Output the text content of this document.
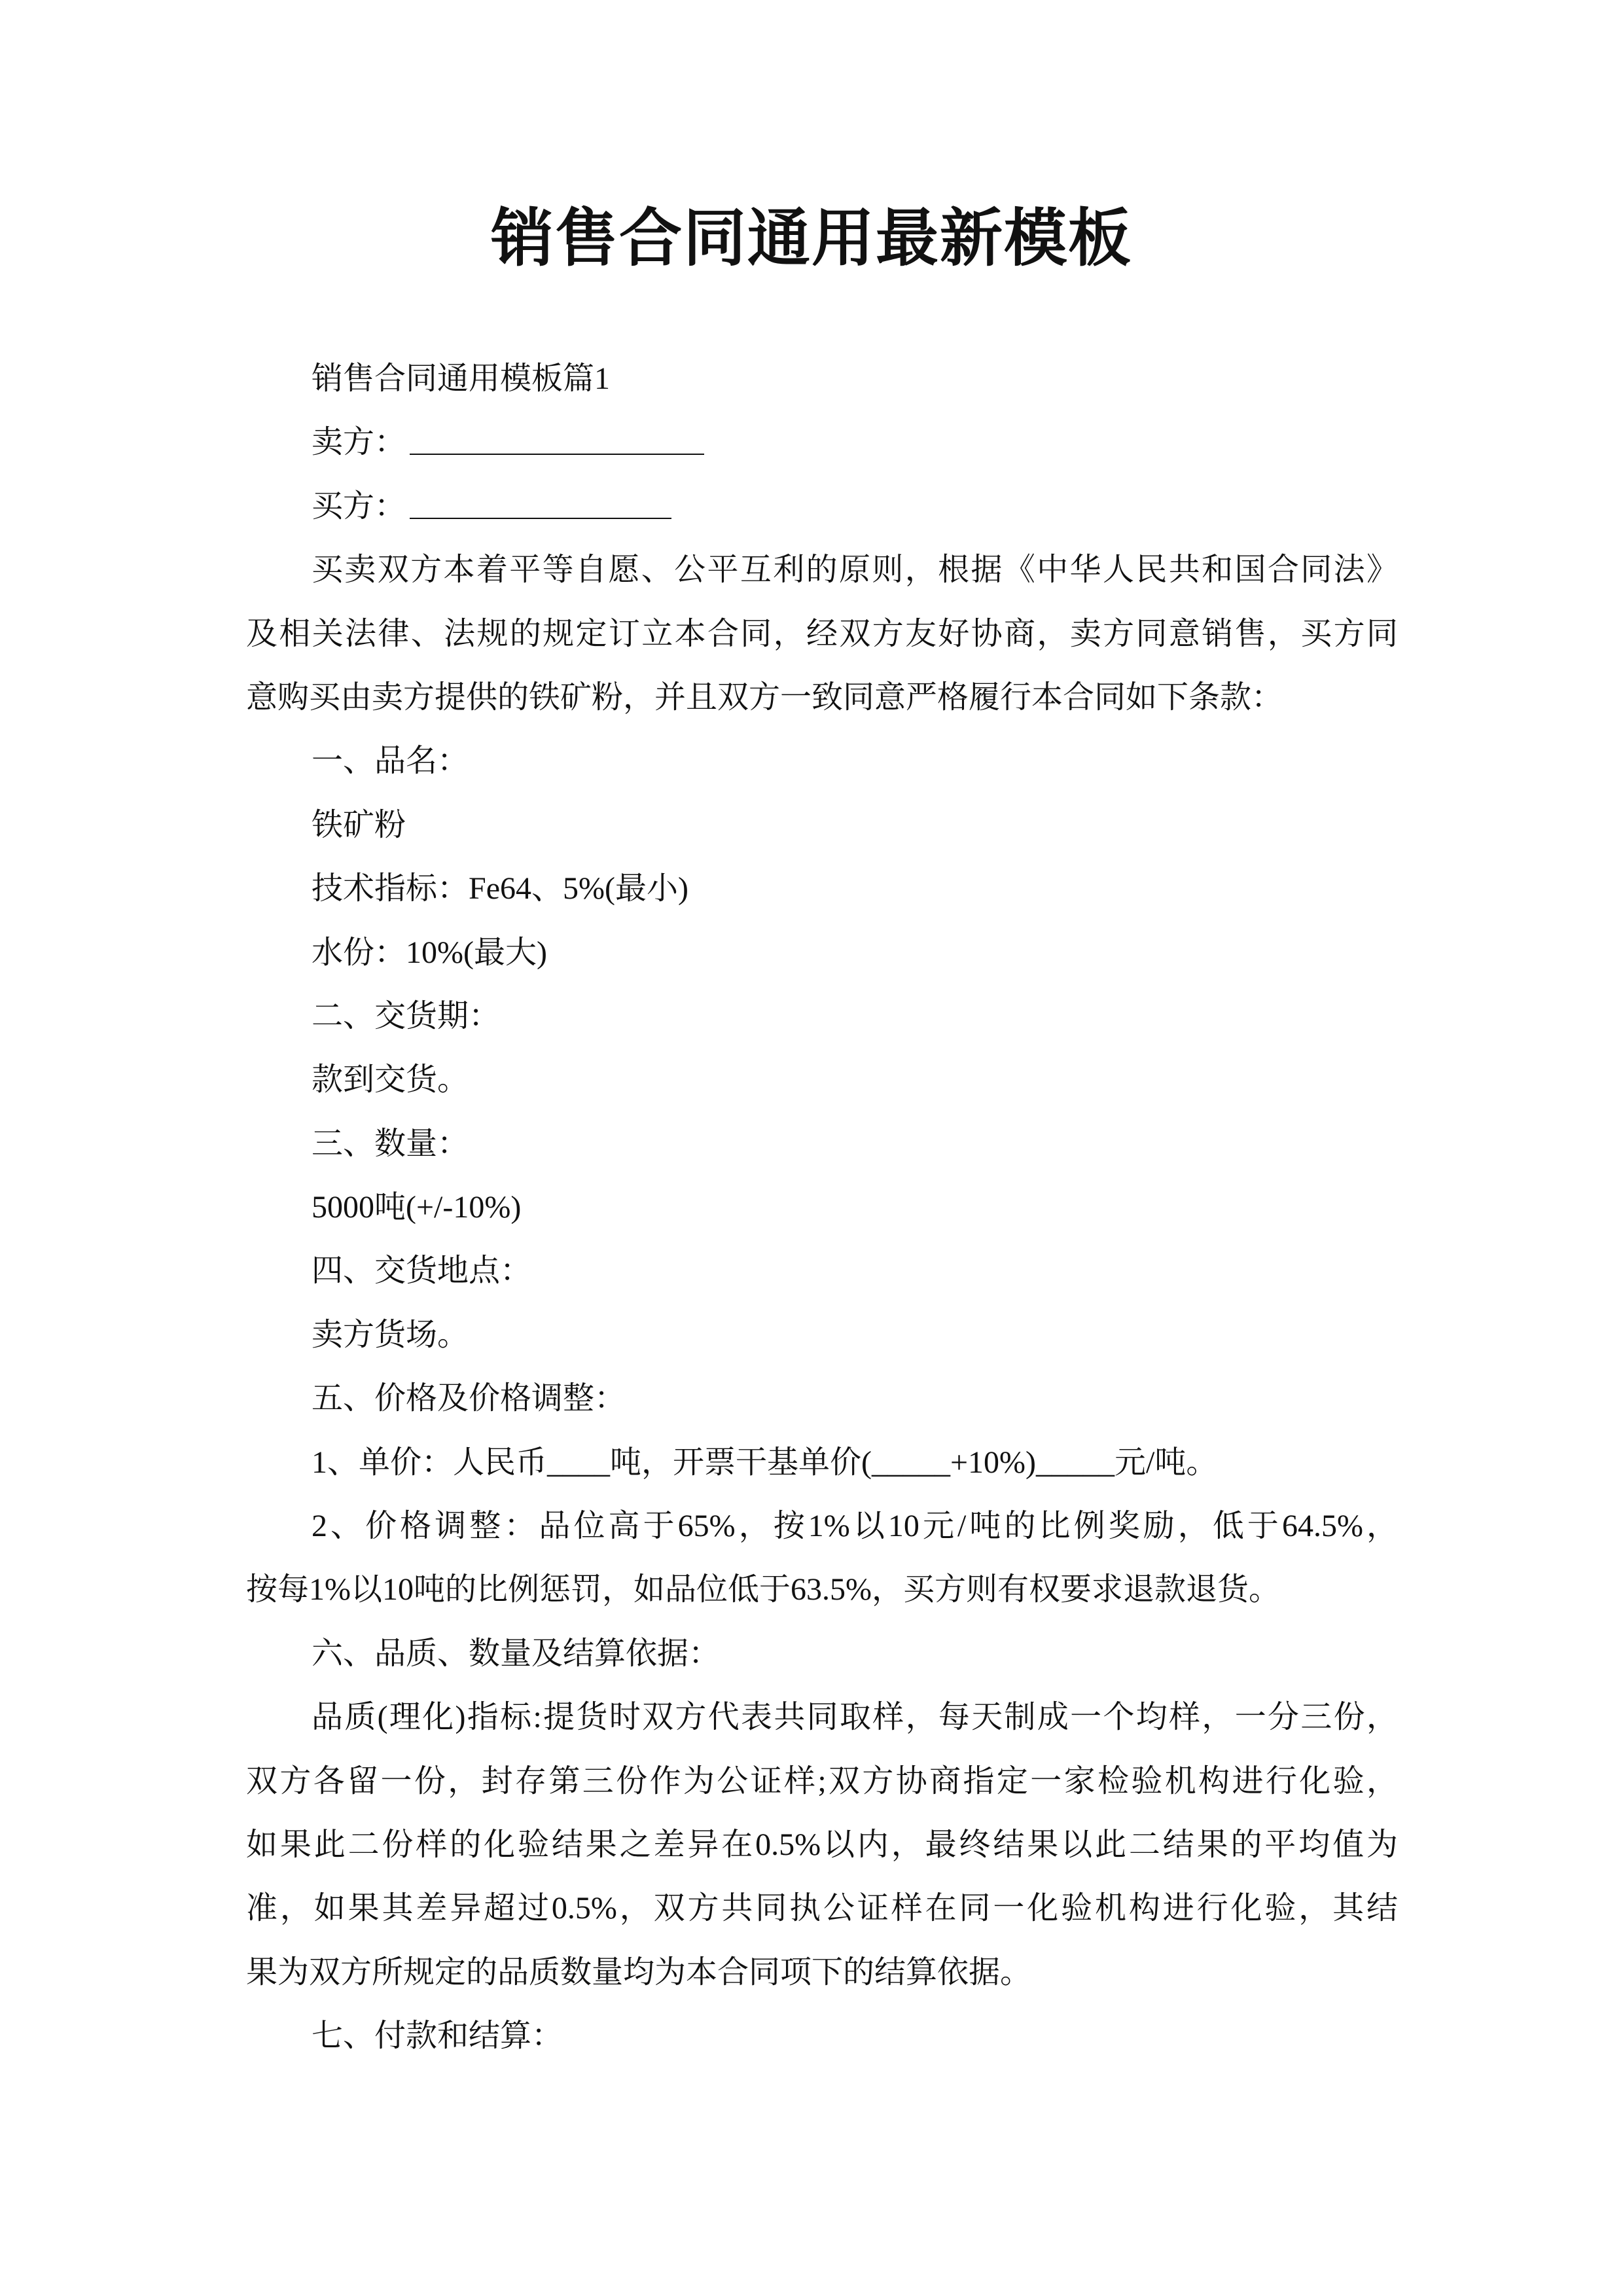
销售合同通用最新模板
销售合同通用模板篇1
卖方：
买方：
买卖双方本着平等自愿、公平互利的原则，根据《中华人民共和国合同法》
及相关法律、法规的规定订立本合同，经双方友好协商，卖方同意销售，买方同
意购买由卖方提供的铁矿粉，并且双方一致同意严格履行本合同如下条款：
一、品名：
铁矿粉
技术指标：Fe64、5%(最小)
水份：10%(最大)
二、交货期：
款到交货。
三、数量：
5000吨(+/-10%)
四、交货地点：
卖方货场。
五、价格及价格调整：
1、单价：人民币____吨，开票干基单价(_____+10%)_____元/吨。
2、价格调整：品位高于65%，按1%以10元/吨的比例奖励，低于64.5%，
按每1%以10吨的比例惩罚，如品位低于63.5%，买方则有权要求退款退货。
六、品质、数量及结算依据：
品质(理化)指标:提货时双方代表共同取样，每天制成一个均样，一分三份，
双方各留一份，封存第三份作为公证样;双方协商指定一家检验机构进行化验，
如果此二份样的化验结果之差异在0.5%以内，最终结果以此二结果的平均值为
准，如果其差异超过0.5%，双方共同执公证样在同一化验机构进行化验，其结
果为双方所规定的品质数量均为本合同项下的结算依据。
七、付款和结算：
